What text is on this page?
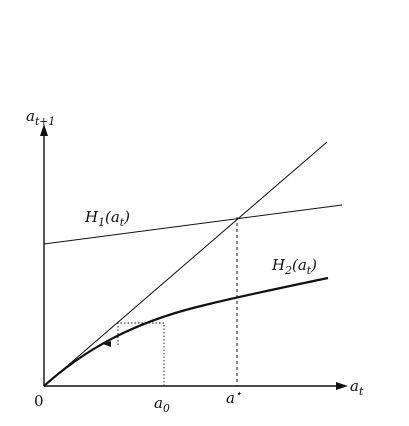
$a_{t+1}$
$a_t$
0	$a_0$
a⋆
$H_1(a_t)$
$H_2(a_t)$
